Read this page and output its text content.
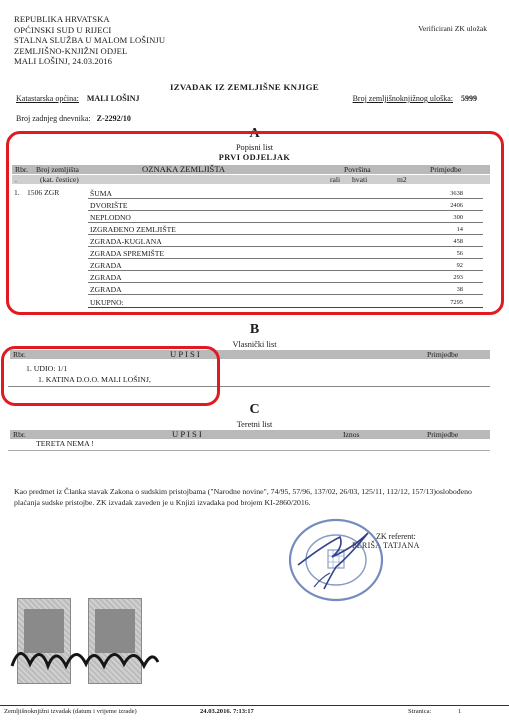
REPUBLIKA HRVATSKA
OPĆINSKI SUD U RIJECI
STALNA SLUŽBA U MALOM LOŠINJU
ZEMLJIŠNO-KNJIŽNI ODJEL
MALI LOŠINJ, 24.03.2016
Verificirani ZK uložak
IZVADAK IZ ZEMLJIŠNE KNJIGE
Katastarska općina: MALI LOŠINJ	Broj zemljišnoknjižnog uloška: 5999
Broj zadnjeg dnevnika: Z-2292/10
A
Popisni list
PRVI ODJELJAK
Rbr. Broj zemljišta	OZNAKA ZEMLJIŠTA	Površina	Primjedbe
.	(kat. čestice)	rali hvati	m2
1. 1506 ZGR	ŠUMA	3638
DVORIŠTE	2406
NEPLODNO	300
IZGRAĐENO ZEMLJIŠTE	14
ZGRADA-KUGLANA	458
ZGRADA SPREMIŠTE	56
ZGRADA	92
ZGRADA	293
ZGRADA	38
UKUPNO:	7295
B
Vlasnički list
Rbr.	U P I S I	Primjedbe
1. UDIO: 1/1
1. KATINA D.O.O. MALI LOŠINJ,
C
Teretni list
Rbr.	U P I S I	Iznos	Primjedbe
TERETA NEMA !
Kao predmet iz Članka stavak Zakona o sudskim pristojbama ("Narodne novine", 74/95, 57/96, 137/02, 26/03, 125/11, 112/12, 157/13)oslobođeno plaćanja sudske pristojbe. ZK izvadak zaveden je u Knjizi izvadaka pod brojem KI-2860/2016.
ZK referent:
PERIŠA TATJANA
Zemljišnoknjižni izvadak (datum i vrijeme izrade)	24.03.2016. 7:13:17	Stranica:	1
